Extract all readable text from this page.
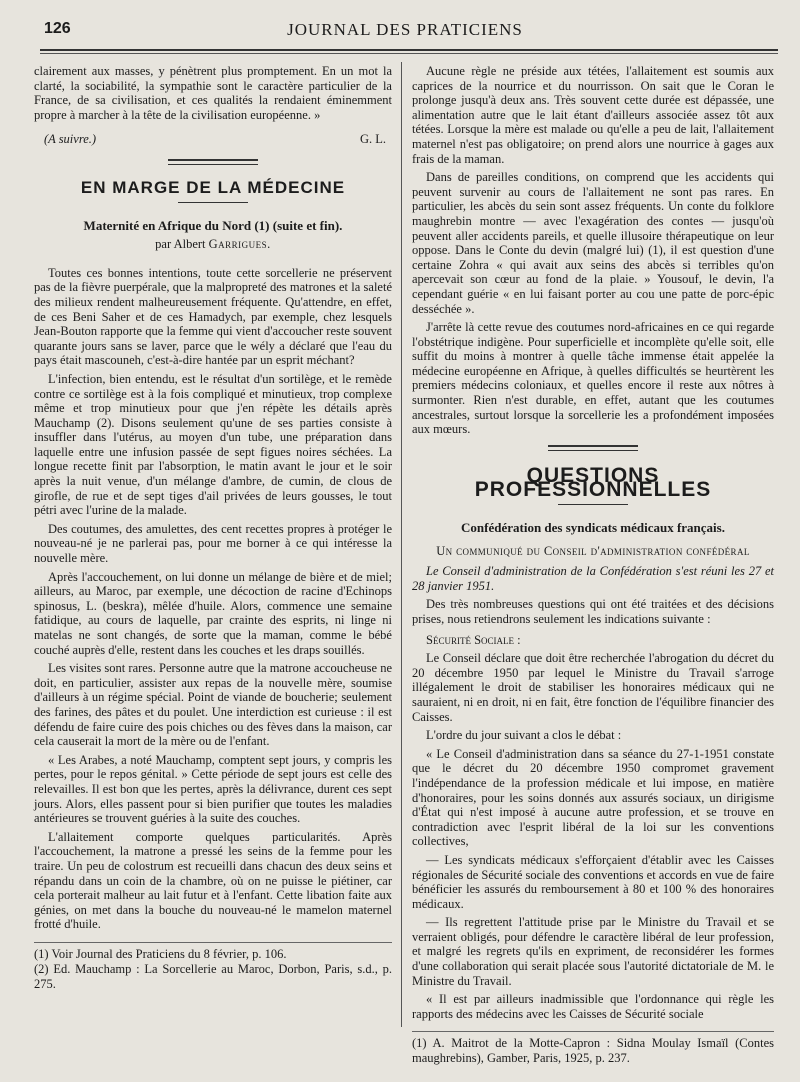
126	JOURNAL DES PRATICIENS

clairement aux masses, y pénètrent plus promptement. En un mot la clarté, la sociabilité, la sympathie sont le caractère particulier de la France, de sa civilisation, et ces qualités la rendaient éminemment propre à marcher à la tête de la civilisation européenne. »

(A suivre.)	G. L.
EN MARGE DE LA MÉDECINE
Maternité en Afrique du Nord (1) (suite et fin).
par Albert Garrigues.

Toutes ces bonnes intentions, toute cette sorcellerie ne préservent pas de la fièvre puerpérale, que la malpropreté des matrones et la saleté des milieux rendent malheureusement fréquente. Qu'attendre, en effet, de ces Beni Saher et de ces Hamadych, par exemple, chez lesquels Jean-Bouton rapporte que la femme qui vient d'accoucher reste souvent quarante jours sans se laver, parce que le wély a déclaré que l'eau du pays était mascouneh, c'est-à-dire hantée par un esprit méchant?

L'infection, bien entendu, est le résultat d'un sortilège, et le remède contre ce sortilège est à la fois compliqué et minutieux, trop complexe même et trop minutieux pour que j'en répète les détails après Mauchamp (2). Disons seulement qu'une de ses parties consiste à insuffler dans l'utérus, au moyen d'un tube, une préparation dans laquelle entre une infusion passée de sept figues noires séchées. La longue recette finit par l'absorption, le matin avant le jour et le soir après la nuit venue, d'un mélange d'ambre, de cumin, de clous de girofle, de rue et de sept tiges d'ail privées de leurs gousses, le tout pétri avec l'urine de la malade.

Des coutumes, des amulettes, des cent recettes propres à protéger le nouveau-né je ne parlerai pas, pour me borner à ce qui intéresse la nouvelle mère.

Après l'accouchement, on lui donne un mélange de bière et de miel; ailleurs, au Maroc, par exemple, une décoction de racine d'Echinops spinosus, L. (beskra), mêlée d'huile. Alors, commence une semaine fatidique, au cours de laquelle, par crainte des esprits, ni linge ni matelas ne sont changés, de sorte que la maman, comme le bébé couché auprès d'elle, restent dans les couches et les draps souillés.

Les visites sont rares. Personne autre que la matrone accoucheuse ne doit, en particulier, assister aux repas de la nouvelle mère, soumise d'ailleurs à un régime spécial. Point de viande de boucherie; seulement des farines, des pâtes et du poulet. Une interdiction est curieuse : il est défendu de faire cuire des pois chiches ou des fèves dans la maison, car cela causerait la mort de la mère ou de l'enfant.

« Les Arabes, a noté Mauchamp, comptent sept jours, y compris les pertes, pour le repos génital. » Cette période de sept jours est celle des relevailles. Il est bon que les pertes, après la délivrance, durent ces sept jours. Alors, elles passent pour si bien purifier que toutes les maladies antérieures se trouvent guéries à la suite des couches.

L'allaitement comporte quelques particularités. Après l'accouchement, la matrone a pressé les seins de la femme pour les traire. Un peu de colostrum est recueilli dans chacun des deux seins et répandu dans un coin de la chambre, où on ne puisse le piétiner, car cela porterait malheur au lait futur et à l'enfant. Cette libation faite aux génies, on met dans la bouche du nouveau-né le mamelon maternel frotté d'huile.

(1) Voir Journal des Praticiens du 8 février, p. 106.

(2) Ed. Mauchamp : La Sorcellerie au Maroc, Dorbon, Paris, s.d., p. 275.

Aucune règle ne préside aux tétées, l'allaitement est soumis aux caprices de la nourrice et du nourrisson. On sait que le Coran le prolonge jusqu'à deux ans. Très souvent cette durée est dépassée, une alimentation autre que le lait étant d'ailleurs associée assez tôt aux tétées. Lorsque la mère est malade ou qu'elle a peu de lait, l'allaitement maternel n'est pas obligatoire; on prend alors une nourrice à gages aux frais de la maman.

Dans de pareilles conditions, on comprend que les accidents qui peuvent survenir au cours de l'allaitement ne sont pas rares. En particulier, les abcès du sein sont assez fréquents. Un conte du folklore maughrebin montre — avec l'exagération des contes — jusqu'où peuvent aller accidents pareils, et quelle illusoire thérapeutique on leur oppose. Dans le Conte du devin (malgré lui) (1), il est question d'une certaine Zohra « qui avait aux seins des abcès si terribles qu'on apercevait son cœur au fond de la plaie. » Yousouf, le devin, l'a cependant guérie « en lui faisant porter au cou une patte de porc-épic desséchée ».

J'arrête là cette revue des coutumes nord-africaines en ce qui regarde l'obstétrique indigène. Pour superficielle et incomplète qu'elle soit, elle suffit du moins à montrer à quelle tâche immense était appelée la médecine européenne en Afrique, à quelles difficultés se heurtèrent les premiers médecins coloniaux, et quelles encore il reste aux nôtres à surmonter. Rien n'est durable, en effet, autant que les coutumes ancestrales, surtout lorsque la sorcellerie les a profondément imposées aux mœurs.

QUESTIONS PROFESSIONNELLES
Confédération des syndicats médicaux français.
Un communiqué du Conseil d'administration confédéral

Le Conseil d'administration de la Confédération s'est réuni les 27 et 28 janvier 1951.

Des très nombreuses questions qui ont été traitées et des décisions prises, nous retiendrons seulement les indications suivante :

Sécurité Sociale :

Le Conseil déclare que doit être recherchée l'abrogation du décret du 20 décembre 1950 par lequel le Ministre du Travail s'arroge illégalement le droit de stabiliser les honoraires médicaux qui ne sauraient, ni en droit, ni en fait, être fonction de l'équilibre financier des Caisses.

L'ordre du jour suivant a clos le débat :

« Le Conseil d'administration dans sa séance du 27-1-1951 constate que le décret du 20 décembre 1950 compromet gravement l'indépendance de la profession médicale et lui impose, en matière d'honoraires, pour les soins donnés aux assurés sociaux, un dirigisme d'État qui n'est imposé à aucune autre profession, et se trouve en contradiction avec l'esprit libéral de la loi sur les conventions collectives,

— Les syndicats médicaux s'efforçaient d'établir avec les Caisses régionales de Sécurité sociale des conventions et accords en vue de faire bénéficier les assurés du remboursement à 80 et 100 % des honoraires médicaux.

— Ils regrettent l'attitude prise par le Ministre du Travail et se verraient obligés, pour défendre le caractère libéral de leur profession, et malgré les regrets qu'ils en expriment, de reconsidérer les formes d'une collaboration qui serait placée sous l'autorité dictatoriale de M. le Ministre du Travail.

« Il est par ailleurs inadmissible que l'ordonnance qui règle les rapports des médecins avec les Caisses de Sécurité sociale

(1) A. Maitrot de la Motte-Capron : Sidna Moulay Ismaïl (Contes maughrebins), Gamber, Paris, 1925, p. 237.
